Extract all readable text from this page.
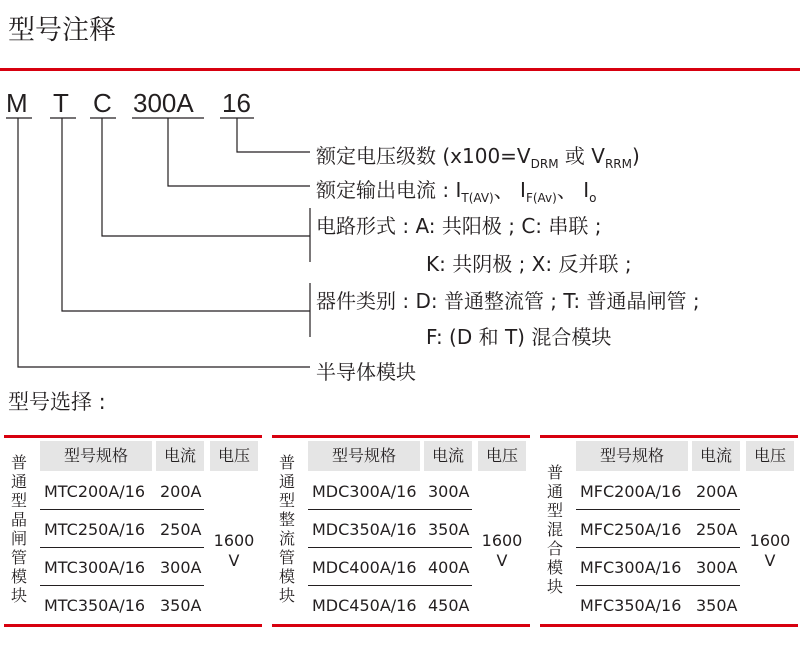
型号注释
M T C 300A 16
额定电压级数 ($x100=V_{DRM}$ 或 $V_{RRM}$)
额定输出电流 : $I_{T(AV)}$、 $I_{F(Av)}$、 $I_o$
电路形式 : A: 共阳极 ; C: 串联 ;
K: 共阴极 ; X: 反并联 ;
器件类别 : D: 普通整流管 ; T: 普通晶闸管 ;
F: (D 和 T) 混合模块
半导体模块
型号选择 :
普
通
型
晶
闸
管
模
块
型号规格	电流	电压
MTC200A/16 200A
MTC250A/16 250A
MTC300A/16 300A
MTC350A/16 350A
1600
V
普
通
型
整
流
管
模
块
型号规格	电流	电压
MDC300A/16 300A
MDC350A/16 350A
MDC400A/16 400A
MDC450A/16 450A
1600
V
普
通
型
混
合
模
块
型号规格	电流	电压
MFC200A/16 200A
MFC250A/16 250A
MFC300A/16 300A
MFC350A/16 350A
1600
V
